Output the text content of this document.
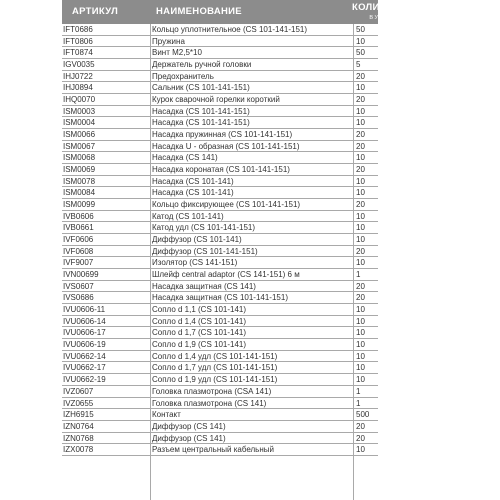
АРТИКУЛ	НАИМЕНОВАНИЕ	КОЛИЧЕСТВО
В УПАКОВКЕ
IFT0686	Кольцо уплотнительное (CS 101-141-151)	50
IFT0806	Пружина	10
IFT0874	Винт М2,5*10	50
IGV0035	Держатель ручной головки	5
IHJ0722	Предохранитель	20
IHJ0894	Сальник (CS 101-141-151)	10
IHQ0070	Курок сварочной горелки короткий	20
ISM0003	Насадка (CS 101-141-151)	10
ISM0004	Насадка (CS 101-141-151)	10
ISM0066	Насадка пружинная (CS 101-141-151)	20
ISM0067	Насадка U - образная (CS 101-141-151)	20
ISM0068	Насадка (CS 141)	10
ISM0069	Насадка коронатая (CS 101-141-151)	20
ISM0078	Насадка (CS 101-141)	10
ISM0084	Насадка (CS 101-141)	10
ISM0099	Кольцо фиксирующее (CS 101-141-151)	20
IVB0606	Катод (CS 101-141)	10
IVB0661	Катод удл (CS 101-141-151)	10
IVF0606	Диффузор (CS 101-141)	10
IVF0608	Диффузор (CS 101-141-151)	20
IVF9007	Изолятор (CS 141-151)	10
IVN00699	Шлейф central adaptor (CS 141-151) 6 м	1
IVS0607	Насадка защитная (CS 141)	20
IVS0686	Насадка защитная (CS 101-141-151)	20
IVU0606-11	Сопло d 1,1 (CS 101-141)	10
IVU0606-14	Сопло d 1,4 (CS 101-141)	10
IVU0606-17	Сопло d 1,7 (CS 101-141)	10
IVU0606-19	Сопло d 1,9 (CS 101-141)	10
IVU0662-14	Сопло d 1,4 удл (CS 101-141-151)	10
IVU0662-17	Сопло d 1,7 удл (CS 101-141-151)	10
IVU0662-19	Сопло d 1,9 удл (CS 101-141-151)	10
IVZ0607	Головка плазмотрона (CSA 141)	1
IVZ0655	Головка плазмотрона (CS 141)	1
IZH6915	Контакт	500
IZN0764	Диффузор (CS 141)	20
IZN0768	Диффузор (CS 141)	20
IZX0078	Разъем центральный кабельный	10
